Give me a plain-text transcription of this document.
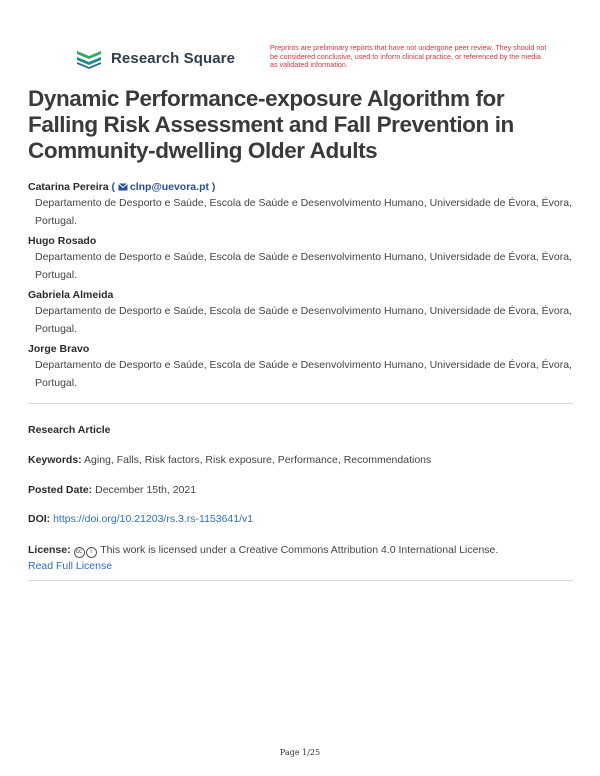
Research Square
Preprints are preliminary reports that have not undergone peer review. They should not be considered conclusive, used to inform clinical practice, or referenced by the media as validated information.
Dynamic Performance-exposure Algorithm for Falling Risk Assessment and Fall Prevention in Community-dwelling Older Adults
Catarina Pereira ( clnp@uevora.pt )
Departamento de Desporto e Saúde, Escola de Saúde e Desenvolvimento Humano, Universidade de Évora, Évora, Portugal.
Hugo Rosado
Departamento de Desporto e Saúde, Escola de Saúde e Desenvolvimento Humano, Universidade de Évora, Évora, Portugal.
Gabriela Almeida
Departamento de Desporto e Saúde, Escola de Saúde e Desenvolvimento Humano, Universidade de Évora, Évora, Portugal.
Jorge Bravo
Departamento de Desporto e Saúde, Escola de Saúde e Desenvolvimento Humano, Universidade de Évora, Évora, Portugal.
Research Article
Keywords: Aging, Falls, Risk factors, Risk exposure, Performance, Recommendations
Posted Date: December 15th, 2021
DOI: https://doi.org/10.21203/rs.3.rs-1153641/v1
License: cc i This work is licensed under a Creative Commons Attribution 4.0 International License.
Read Full License
Page 1/25
